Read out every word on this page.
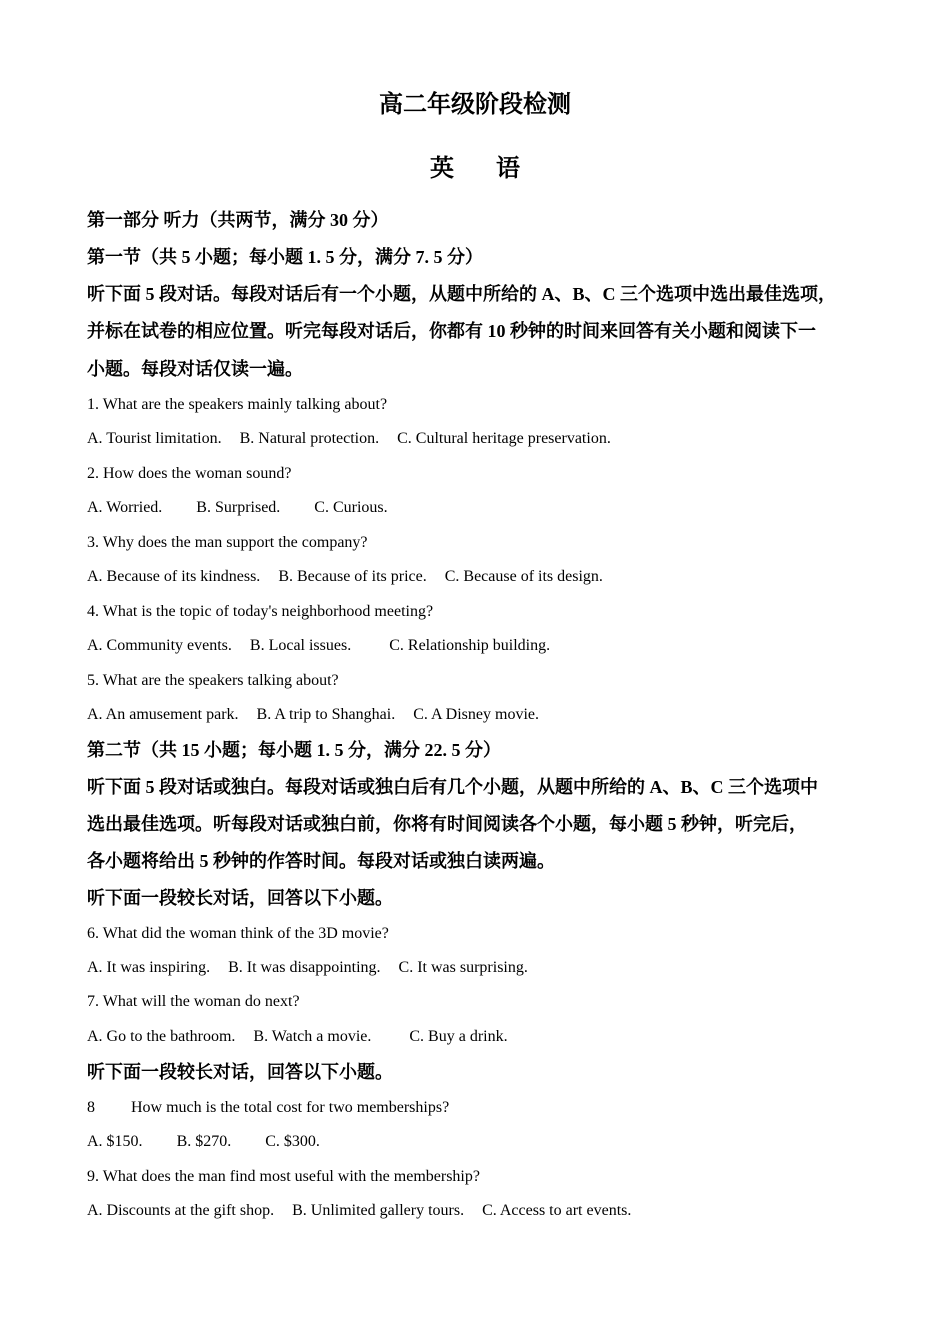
高二年级阶段检测
英 语
第一部分 听力（共两节，满分 30 分）
第一节（共 5 小题；每小题 1. 5 分，满分 7. 5 分）
听下面 5 段对话。每段对话后有一个小题，从题中所给的 A、B、C 三个选项中选出最佳选项，
并标在试卷的相应位置。听完每段对话后，你都有 10 秒钟的时间来回答有关小题和阅读下一
小题。每段对话仅读一遍。
1. What are the speakers mainly talking about?
A. Tourist limitation. B. Natural protection. C. Cultural heritage preservation.
2. How does the woman sound?
A. Worried. B. Surprised. C. Curious.
3. Why does the man support the company?
A. Because of its kindness. B. Because of its price. C. Because of its design.
4. What is the topic of today's neighborhood meeting?
A. Community events. B. Local issues. C. Relationship building.
5. What are the speakers talking about?
A. An amusement park. B. A trip to Shanghai. C. A Disney movie.
第二节（共 15 小题；每小题 1. 5 分，满分 22. 5 分）
听下面 5 段对话或独白。每段对话或独白后有几个小题，从题中所给的 A、B、C 三个选项中
选出最佳选项。听每段对话或独白前，你将有时间阅读各个小题，每小题 5 秒钟，听完后，
各小题将给出 5 秒钟的作答时间。每段对话或独白读两遍。
听下面一段较长对话，回答以下小题。
6. What did the woman think of the 3D movie?
A. It was inspiring. B. It was disappointing. C. It was surprising.
7. What will the woman do next?
A. Go to the bathroom. B. Watch a movie. C. Buy a drink.
听下面一段较长对话，回答以下小题。
8 How much is the total cost for two memberships?
A. $150. B. $270. C. $300.
9. What does the man find most useful with the membership?
A. Discounts at the gift shop. B. Unlimited gallery tours. C. Access to art events.
